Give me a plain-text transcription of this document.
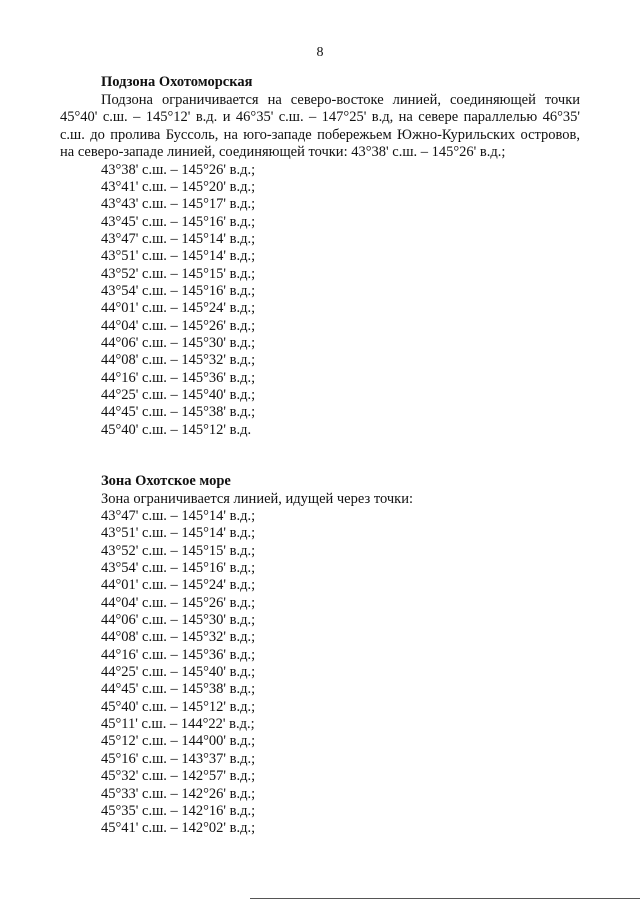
8
Подзона Охотоморская
Подзона ограничивается на северо-востоке линией, соединяющей точки 45°40' с.ш. – 145°12' в.д. и 46°35' с.ш. – 147°25' в.д, на севере параллелью 46°35' с.ш. до пролива Буссоль, на юго-западе побережьем Южно-Курильских островов, на северо-западе линией, соединяющей точки: 43°38' с.ш. – 145°26' в.д.;
43°38' с.ш. – 145°26' в.д.;
43°41' с.ш. – 145°20' в.д.;
43°43' с.ш. – 145°17' в.д.;
43°45' с.ш. – 145°16' в.д.;
43°47' с.ш. – 145°14' в.д.;
43°51' с.ш. – 145°14' в.д.;
43°52' с.ш. – 145°15' в.д.;
43°54' с.ш. – 145°16' в.д.;
44°01' с.ш. – 145°24' в.д.;
44°04' с.ш. – 145°26' в.д.;
44°06' с.ш. – 145°30' в.д.;
44°08' с.ш. – 145°32' в.д.;
44°16' с.ш. – 145°36' в.д.;
44°25' с.ш. – 145°40' в.д.;
44°45' с.ш. – 145°38' в.д.;
45°40' с.ш. – 145°12' в.д.
Зона Охотское море
Зона ограничивается линией, идущей через точки:
43°47' с.ш. – 145°14' в.д.;
43°51' с.ш. – 145°14' в.д.;
43°52' с.ш. – 145°15' в.д.;
43°54' с.ш. – 145°16' в.д.;
44°01' с.ш. – 145°24' в.д.;
44°04' с.ш. – 145°26' в.д.;
44°06' с.ш. – 145°30' в.д.;
44°08' с.ш. – 145°32' в.д.;
44°16' с.ш. – 145°36' в.д.;
44°25' с.ш. – 145°40' в.д.;
44°45' с.ш. – 145°38' в.д.;
45°40' с.ш. – 145°12' в.д.;
45°11' с.ш. – 144°22' в.д.;
45°12' с.ш. – 144°00' в.д.;
45°16' с.ш. – 143°37' в.д.;
45°32' с.ш. – 142°57' в.д.;
45°33' с.ш. – 142°26' в.д.;
45°35' с.ш. – 142°16' в.д.;
45°41' с.ш. – 142°02' в.д.;
